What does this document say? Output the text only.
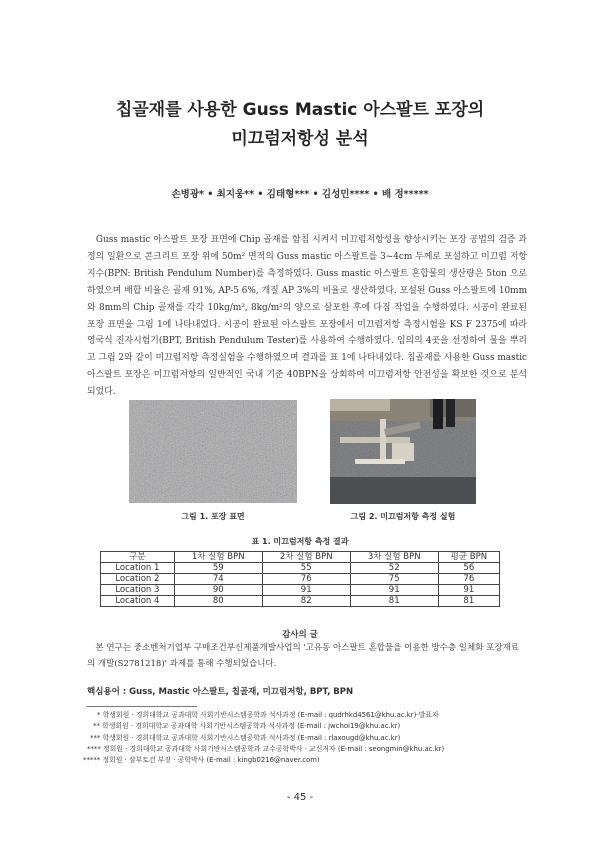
칩골재를 사용한 Guss Mastic 아스팔트 포장의
미끄럼저항성 분석
손병광* • 최지웅** • 김태형*** • 김성민**** • 배 정*****

Guss mastic 아스팔트 포장 표면에 Chip 골재를 함침 시켜서 미끄럼저항성을 향상시키는 포장 공법의 검증 과정의 일환으로 콘크리트 포장 위에 50m² 면적의 Guss mastic 아스팔트를 3~4cm 두께로 포설하고 미끄럼 저항 지수(BPN: British Pendulum Number)를 측정하였다. Guss mastic 아스팔트 혼합물의 생산량은 5ton 으로 하였으며 배합 비율은 골재 91%, AP-5 6%, 개질 AP 3%의 비율로 생산하였다. 포설된 Guss 아스팔트에 10mm와 8mm의 Chip 골재를 각각 10kg/m², 8kg/m²의 양으로 살포한 후에 다짐 작업을 수행하였다. 시공이 완료된 포장 표면을 그림 1에 나타내었다. 시공이 완료된 아스팔트 포장에서 미끄럼저항 측정시험을 KS F 2375에 따라 영국식 진자시험기(BPT, British Pendulum Tester)를 사용하여 수행하였다. 임의의 4곳을 선정하여 물을 뿌리고 그림 2와 같이 미끄럼저항 측정실험을 수행하였으며 결과를 표 1에 나타내었다. 칩골재를 사용한 Guss mastic 아스팔트 포장은 미끄럼저항의 일반적인 국내 기준 40BPN을 상회하여 미끄럼저항 안전성을 확보한 것으로 분석되었다.

그림 1. 포장 표면	그림 2. 미끄럼저항 측정 실험
표 1. 미끄럼저항 측정 결과
구분	1차 실험 BPN	2차 실험 BPN	3차 실험 BPN	평균 BPN
Location 1	59	55	52	56
Location 2	74	76	75	76
Location 3	90	91	91	91
Location 4	80	82	81	81
감사의 글

본 연구는 중소벤처기업부 구매조건부신제품개발사업의 '고유동 아스팔트 혼합물을 이용한 방수층 일체화 포장재료의 개발(S2781218)' 과제를 통해 수행되었습니다.

핵심용어 : Guss, Mastic 아스팔트, 칩골재, 미끄럼저항, BPT, BPN
* 학생회원 · 경희대학교 공과대학 사회기반시스템공학과 석사과정 (E-mail : qudrhkd4561@khu.ac.kr)-발표자
** 학생회원 · 경희대학교 공과대학 사회기반시스템공학과 석사과정 (E-mail : jwchoi19@khu.ac.kr)
*** 학생회원 · 경희대학교 공과대학 사회기반시스템공학과 석사과정 (E-mail : rlaxougd@khu.ac.kr)
**** 정회원 · 경희대학교 공과대학 사회기반시스템공학과 교수공학박사 · 교신저자 (E-mail : seongmin@khu.ac.kr)
***** 정회원 · 삼부토건 부장 · 공학박사 (E-mail : kingb0216@naver.com)
- 45 -
